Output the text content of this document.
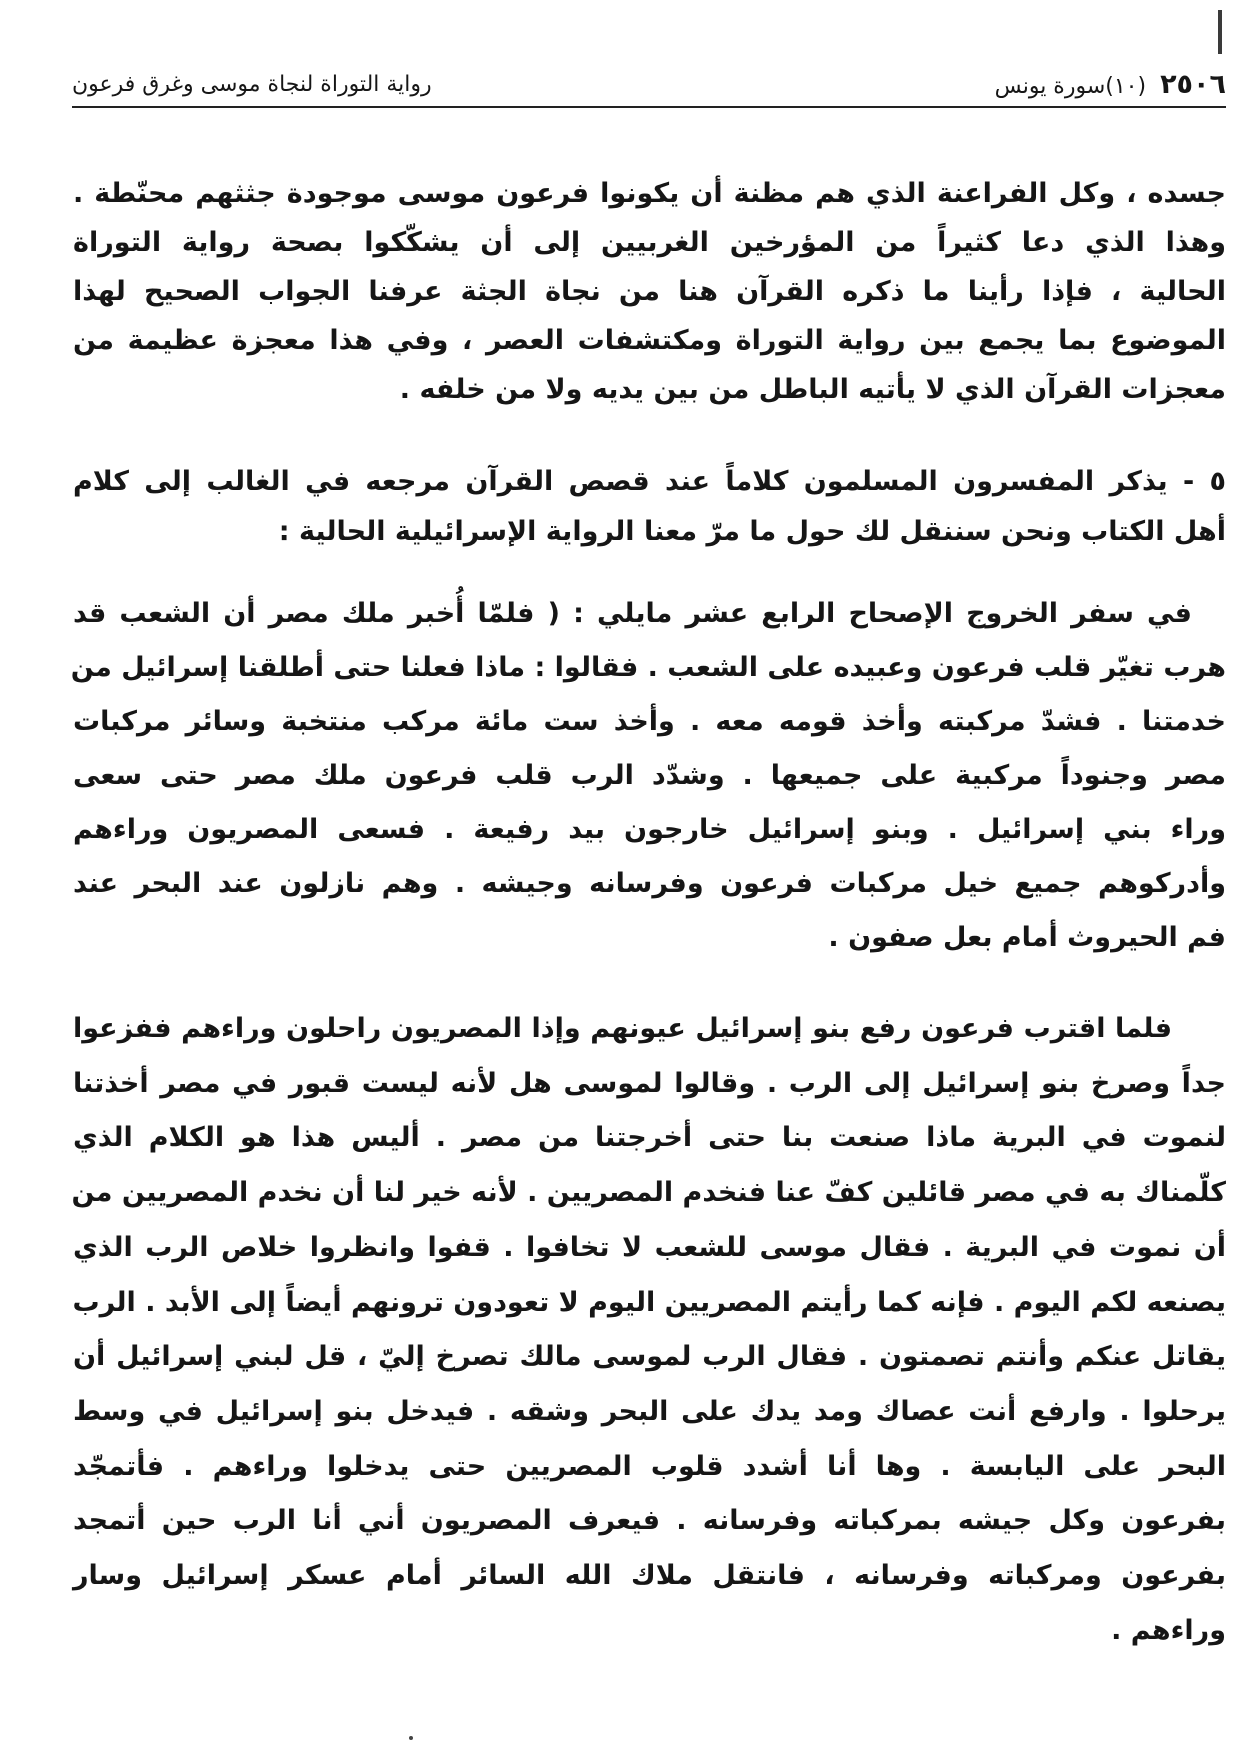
٢٥٠٦
(١٠)سورة يونس
رواية التوراة لنجاة موسى وغرق فرعون
جسده ، وكل الفراعنة الذي هم مظنة أن يكونوا فرعون موسى موجودة جثثهم محنّطة .
وهذا الذي دعا كثيراً من المؤرخين الغربيين إلى أن يشكّكوا بصحة رواية التوراة
الحالية ، فإذا رأينا ما ذكره القرآن هنا من نجاة الجثة عرفنا الجواب الصحيح لهذا
الموضوع بما يجمع بين رواية التوراة ومكتشفات العصر ، وفي هذا معجزة عظيمة من
معجزات القرآن الذي لا يأتيه الباطل من بين يديه ولا من خلفه .
٥ - يذكر المفسرون المسلمون كلاماً عند قصص القرآن مرجعه في الغالب إلى كلام
أهل الكتاب ونحن سننقل لك حول ما مرّ معنا الرواية الإسرائيلية الحالية :
في سفر الخروج الإصحاح الرابع عشر مايلي : ( فلمّا أُخبر ملك مصر أن الشعب قد
هرب تغيّر قلب فرعون وعبيده على الشعب . فقالوا : ماذا فعلنا حتى أطلقنا إسرائيل من
خدمتنا . فشدّ مركبته وأخذ قومه معه . وأخذ ست مائة مركب منتخبة وسائر مركبات
مصر وجنوداً مركبية على جميعها . وشدّد الرب قلب فرعون ملك مصر حتى سعى
وراء بني إسرائيل . وبنو إسرائيل خارجون بيد رفيعة . فسعى المصريون وراءهم
وأدركوهم جميع خيل مركبات فرعون وفرسانه وجيشه . وهم نازلون عند البحر عند
فم الحيروث أمام بعل صفون .
فلما اقترب فرعون رفع بنو إسرائيل عيونهم وإذا المصريون راحلون وراءهم ففزعوا
جداً وصرخ بنو إسرائيل إلى الرب . وقالوا لموسى هل لأنه ليست قبور في مصر أخذتنا
لنموت في البرية ماذا صنعت بنا حتى أخرجتنا من مصر . أليس هذا هو الكلام الذي
كلّمناك به في مصر قائلين كفّ عنا فنخدم المصريين . لأنه خير لنا أن نخدم المصريين من
أن نموت في البرية . فقال موسى للشعب لا تخافوا . قفوا وانظروا خلاص الرب الذي
يصنعه لكم اليوم . فإنه كما رأيتم المصريين اليوم لا تعودون ترونهم أيضاً إلى الأبد . الرب
يقاتل عنكم وأنتم تصمتون . فقال الرب لموسى مالك تصرخ إليّ ، قل لبني إسرائيل أن
يرحلوا . وارفع أنت عصاك ومد يدك على البحر وشقه . فيدخل بنو إسرائيل في وسط
البحر على اليابسة . وها أنا أشدد قلوب المصريين حتى يدخلوا وراءهم . فأتمجّد
بفرعون وكل جيشه بمركباته وفرسانه . فيعرف المصريون أني أنا الرب حين أتمجد
بفرعون ومركباته وفرسانه ، فانتقل ملاك الله السائر أمام عسكر إسرائيل وسار
وراءهم .
